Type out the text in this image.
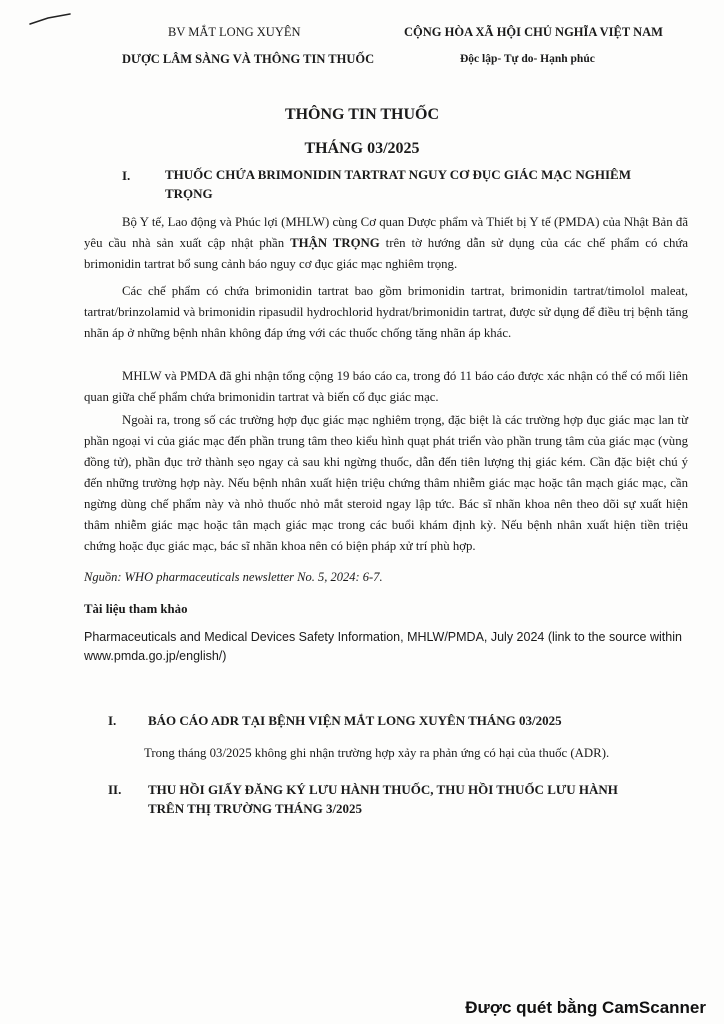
BV MẮT LONG XUYÊN
DƯỢC LÂM SÀNG VÀ THÔNG TIN THUỐC
CỘNG HÒA XÃ HỘI CHỦ NGHĨA VIỆT NAM
Độc lập- Tự do- Hạnh phúc
THÔNG TIN THUỐC
THÁNG 03/2025
I.	THUỐC CHỨA BRIMONIDIN TARTRAT NGUY CƠ ĐỤC GIÁC MẠC NGHIÊM
TRỌNG
Bộ Y tế, Lao động và Phúc lợi (MHLW) cùng Cơ quan Dược phẩm và Thiết bị Y tế (PMDA) của Nhật Bản đã yêu cầu nhà sản xuất cập nhật phần THẬN TRỌNG trên tờ hướng dẫn sử dụng của các chế phẩm có chứa brimonidin tartrat bổ sung cảnh báo nguy cơ đục giác mạc nghiêm trọng.
Các chế phẩm có chứa brimonidin tartrat bao gồm brimonidin tartrat, brimonidin tartrat/timolol maleat, tartrat/brinzolamid và brimonidin ripasudil hydrochlorid hydrat/brimonidin tartrat, được sử dụng để điều trị bệnh tăng nhãn áp ở những bệnh nhân không đáp ứng với các thuốc chống tăng nhãn áp khác.
MHLW và PMDA đã ghi nhận tổng cộng 19 báo cáo ca, trong đó 11 báo cáo được xác nhận có thể có mối liên quan giữa chế phẩm chứa brimonidin tartrat và biến cố đục giác mạc.
Ngoài ra, trong số các trường hợp đục giác mạc nghiêm trọng, đặc biệt là các trường hợp đục giác mạc lan từ phần ngoại vi của giác mạc đến phần trung tâm theo kiểu hình quạt phát triển vào phần trung tâm của giác mạc (vùng đồng tử), phần đục trở thành sẹo ngay cả sau khi ngừng thuốc, dẫn đến tiên lượng thị giác kém. Cần đặc biệt chú ý đến những trường hợp này. Nếu bệnh nhân xuất hiện triệu chứng thâm nhiễm giác mạc hoặc tân mạch giác mạc, cần ngừng dùng chế phẩm này và nhỏ thuốc nhỏ mắt steroid ngay lập tức. Bác sĩ nhãn khoa nên theo dõi sự xuất hiện thâm nhiễm giác mạc hoặc tân mạch giác mạc trong các buổi khám định kỳ. Nếu bệnh nhân xuất hiện tiền triệu chứng hoặc đục giác mạc, bác sĩ nhãn khoa nên có biện pháp xử trí phù hợp.
Nguồn: WHO pharmaceuticals newsletter No. 5, 2024: 6-7.
Tài liệu tham khảo
Pharmaceuticals and Medical Devices Safety Information, MHLW/PMDA, July 2024 (link to the source within www.pmda.go.jp/english/)
I. BÁO CÁO ADR TẠI BỆNH VIỆN MẮT LONG XUYÊN THÁNG 03/2025
Trong tháng 03/2025 không ghi nhận trường hợp xảy ra phản ứng có hại của thuốc (ADR).
II. THU HỒI GIẤY ĐĂNG KÝ LƯU HÀNH THUỐC, THU HỒI THUỐC LƯU HÀNH
TRÊN THỊ TRƯỜNG THÁNG 3/2025
Được quét bằng CamScanner
